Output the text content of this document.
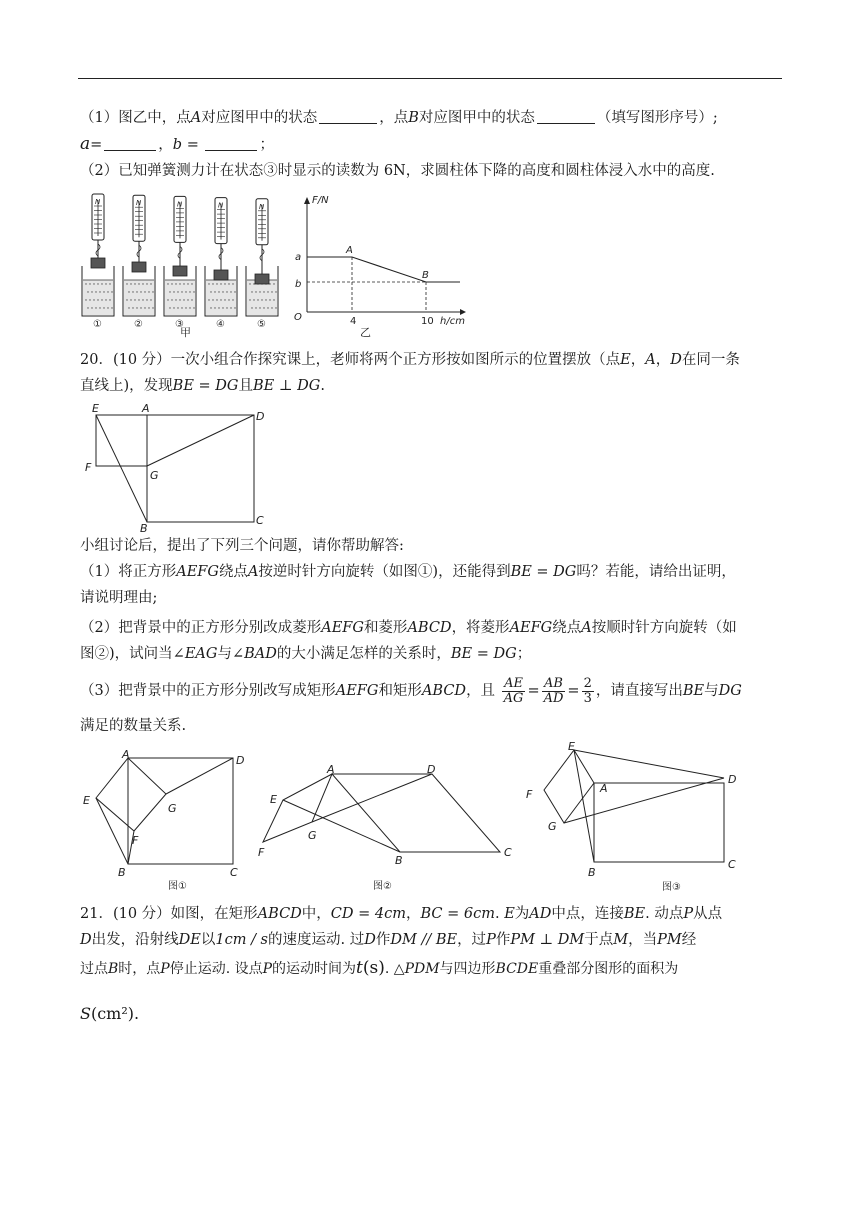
（1）图乙中，点A对应图甲中的状态	，点B对应图甲中的状态	（填写图形序号）;
a=	，b =	；
（2）已知弹簧测力计在状态③时显示的读数为 6N，求圆柱体下降的高度和圆柱体浸入水中的高度.
N
①
N
②
N
③
N
④
N
⑤
甲
F/N
h/cm
O
a
b
4	10
A
B
乙
20．(10 分）一次小组合作探究课上，老师将两个正方形按如图所示的位置摆放（点E，A，D在同一条
直线上)，发现BE = DG且BE ⊥ DG.
E	A
D
F
G
B
C
小组讨论后，提出了下列三个问题，请你帮助解答:
（1）将正方形AEFG绕点A按逆时针方向旋转（如图①)，还能得到BE = DG吗？若能，请给出证明，
请说明理由;
（2）把背景中的正方形分别改成菱形AEFG和菱形ABCD，将菱形AEFG绕点A按顺时针方向旋转（如
图②)，试问当∠EAG与∠BAD的大小满足怎样的关系时，BE = DG；
（3）把背景中的正方形分别改写成矩形AEFG和矩形ABCD，且 $\frac{AE}{AG} = \frac{AB}{AD} = \frac{2}{3}$ ，请直接写出BE与DG
满足的数量关系.
A	D
E
G
F
B	C
图①
A	D
E
G
F
B
C
图②
E
D
F	A
G
B
C
图③
21．(10 分）如图，在矩形ABCD中，CD = 4cm，BC = 6cm. E为AD中点，连接BE. 动点P从点
D出发，沿射线DE以1cm / s的速度运动. 过D作DM // BE，过P作PM ⊥ DM于点M，当PM经
过点B时，点P停止运动. 设点P的运动时间为t(s). △PDM与四边形BCDE重叠部分图形的面积为
S(cm²).
